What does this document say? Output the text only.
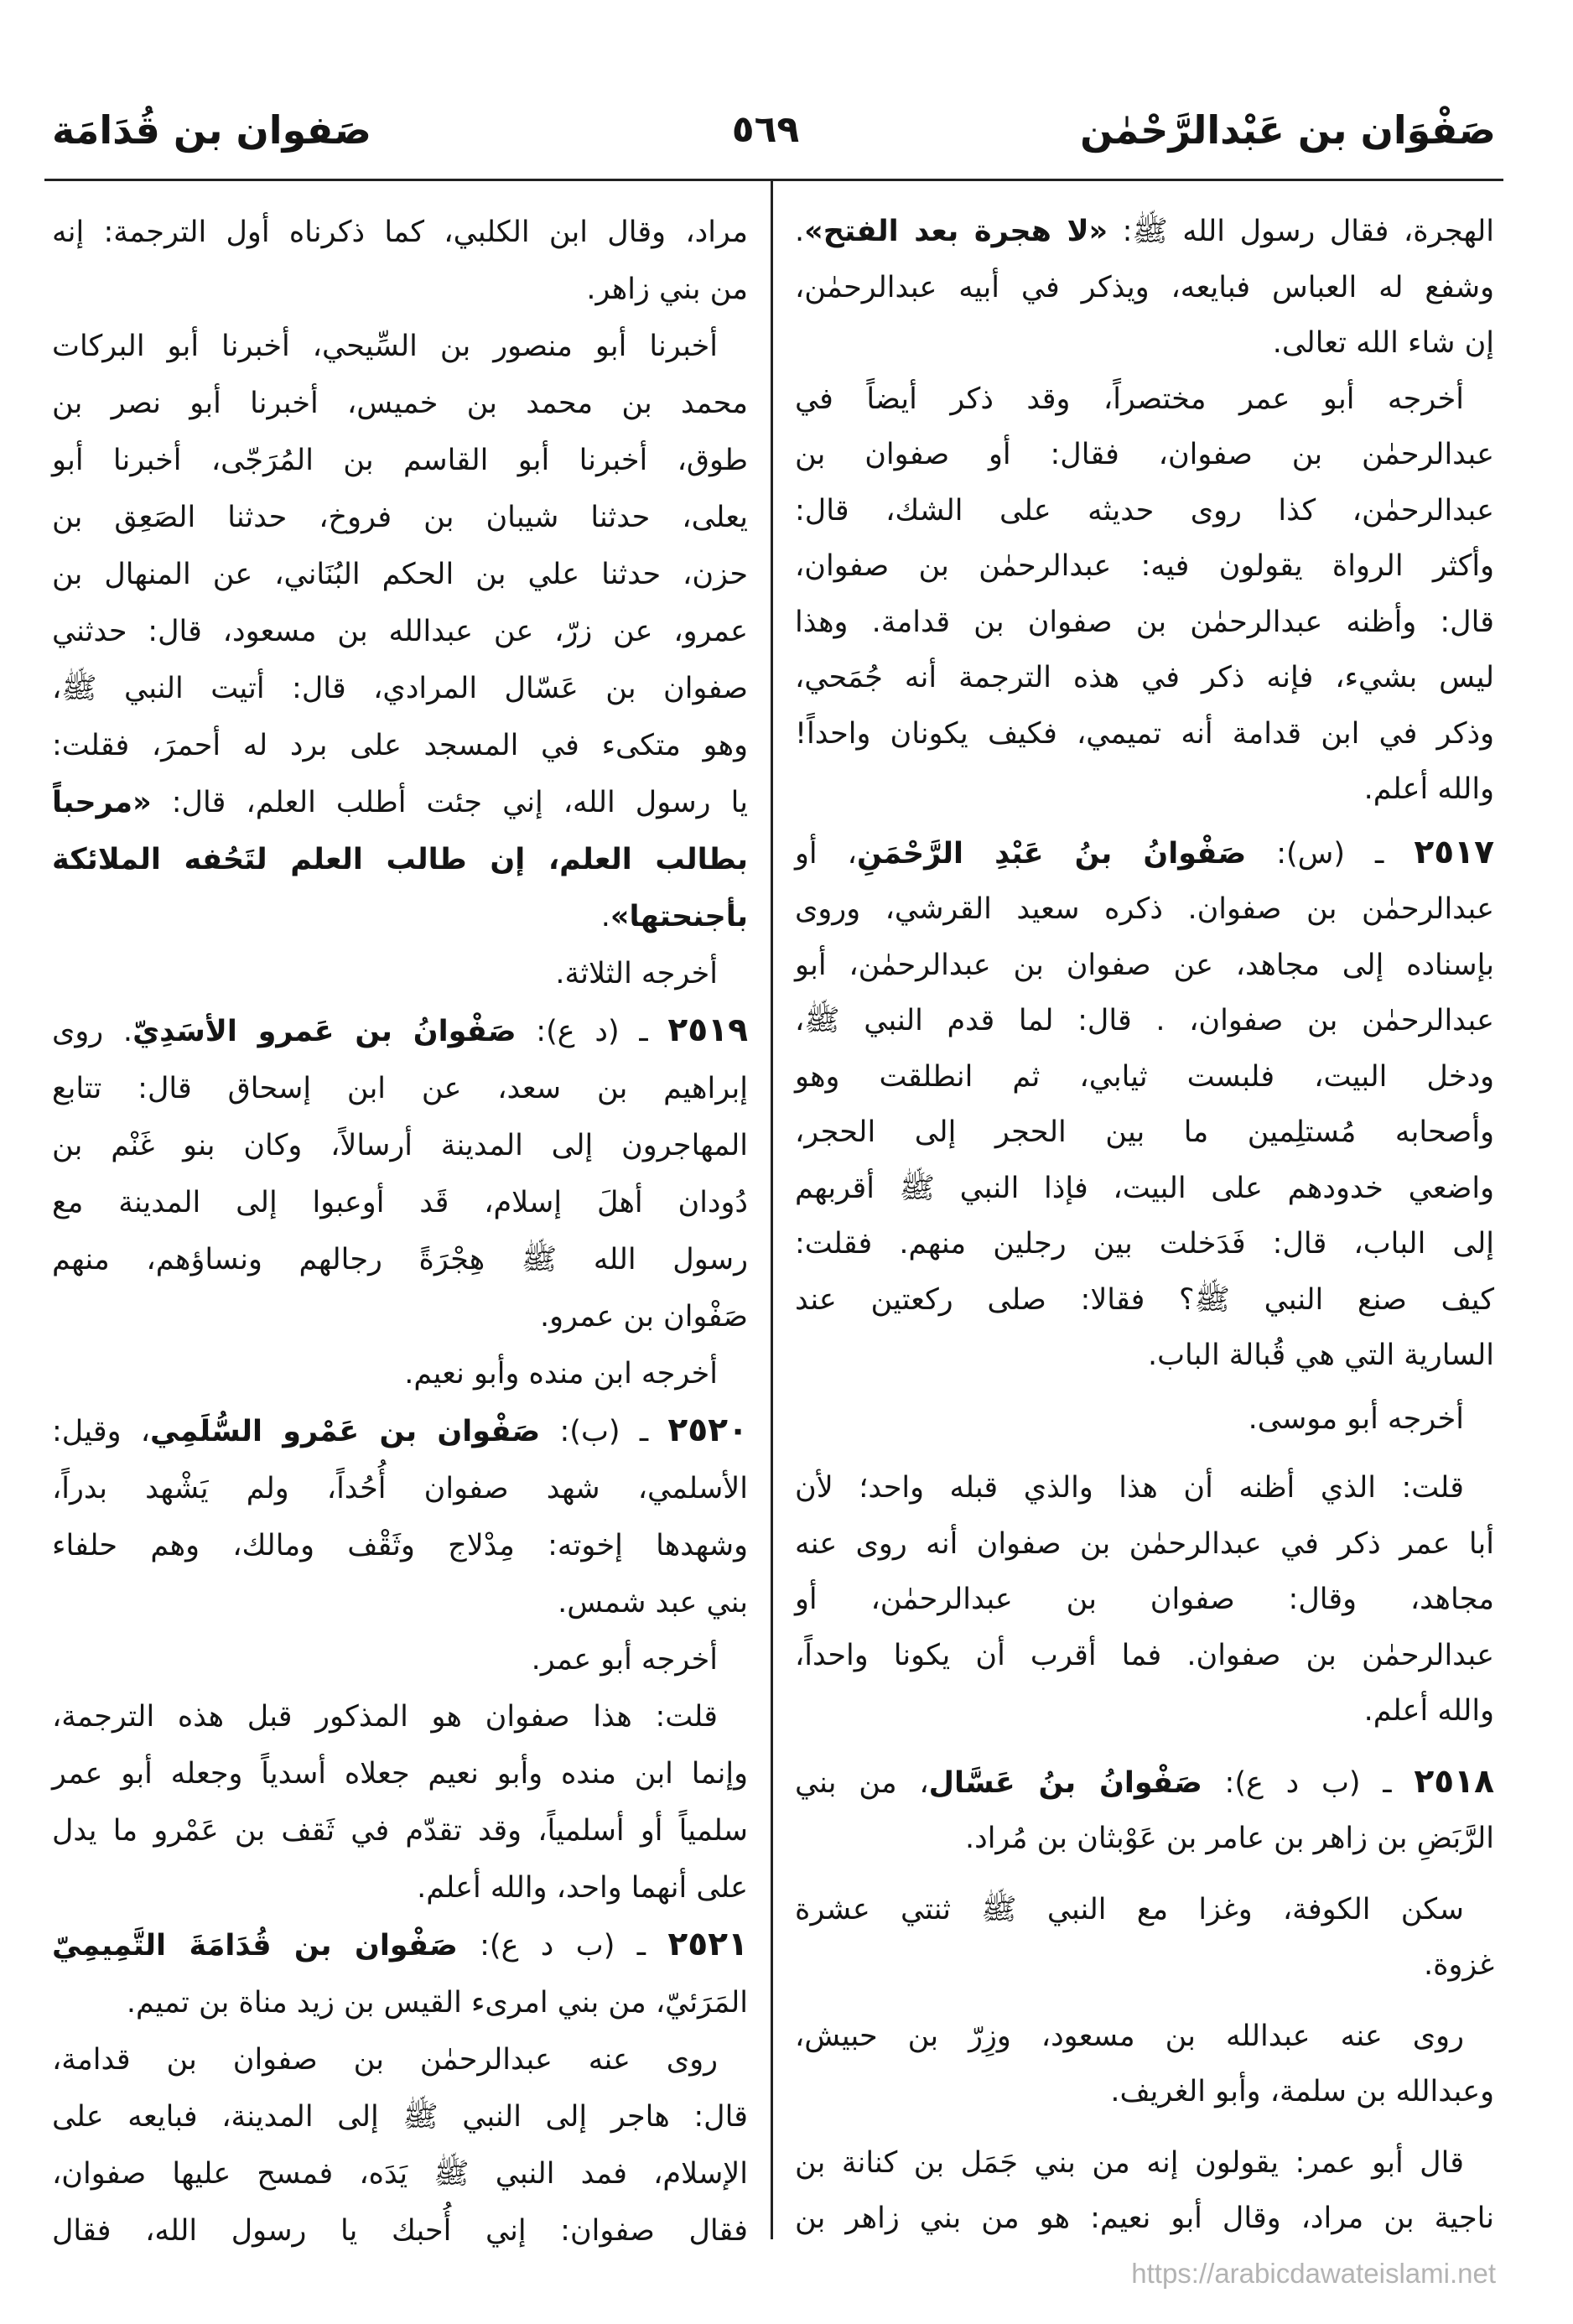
صَفْوَان بن عَبْدالرَّحْمٰن
٥٦٩
صَفوان بن قُدَامَة
الهجرة، فقال رسول الله ﷺ: «لا هجرة بعد الفتح».
وشفع له العباس فبايعه، ويذكر في أبيه عبدالرحمٰن،
إن شاء الله تعالى.
أخرجه أبو عمر مختصراً، وقد ذكر أيضاً في
عبدالرحمٰن بن صفوان، فقال: أو صفوان بن
عبدالرحمٰن، كذا روى حديثه على الشك، قال:
وأكثر الرواة يقولون فيه: عبدالرحمٰن بن صفوان،
قال: وأظنه عبدالرحمٰن بن صفوان بن قدامة. وهذا
ليس بشيء، فإنه ذكر في هذه الترجمة أنه جُمَحي،
وذكر في ابن قدامة أنه تميمي، فكيف يكونان واحداً!
والله أعلم.
٢٥١٧ ـ (س): صَفْوانُ بنُ عَبْدِ الرَّحْمَنِ، أو
عبدالرحمٰن بن صفوان. ذكره سعيد القرشي، وروى
بإسناده إلى مجاهد، عن صفوان بن عبدالرحمٰن، أبو
عبدالرحمٰن بن صفوان، . قال: لما قدم النبي ﷺ،
ودخل البيت، فلبست ثيابي، ثم انطلقت وهو
وأصحابه مُستلِمين ما بين الحجر إلى الحجر،
واضعي خدودهم على البيت، فإذا النبي ﷺ أقربهم
إلى الباب، قال: فَدَخلت بين رجلين منهم. فقلت:
كيف صنع النبي ﷺ؟ فقالا: صلى ركعتين عند
السارية التي هي قُبالة الباب.
أخرجه أبو موسى.
قلت: الذي أظنه أن هذا والذي قبله واحد؛ لأن
أبا عمر ذكر في عبدالرحمٰن بن صفوان أنه روى عنه
مجاهد، وقال: صفوان بن عبدالرحمٰن، أو
عبدالرحمٰن بن صفوان. فما أقرب أن يكونا واحداً،
والله أعلم.
٢٥١٨ ـ (ب د ع): صَفْوانُ بنُ عَسَّال، من بني
الرَّبَضِ بن زاهر بن عامر بن عَوْبثان بن مُراد.
سكن الكوفة، وغزا مع النبي ﷺ ثنتي عشرة
غزوة.
روى عنه عبدالله بن مسعود، وزِرّ بن حبيش،
وعبدالله بن سلمة، وأبو الغريف.
قال أبو عمر: يقولون إنه من بني جَمَل بن كنانة بن
ناجية بن مراد، وقال أبو نعيم: هو من بني زاهر بن
مراد، وقال ابن الكلبي، كما ذكرناه أول الترجمة: إنه
من بني زاهر.
أخبرنا أبو منصور بن السِّيحي، أخبرنا أبو البركات
محمد بن محمد بن خميس، أخبرنا أبو نصر بن
طوق، أخبرنا أبو القاسم بن المُرَجّى، أخبرنا أبو
يعلى، حدثنا شيبان بن فروخ، حدثنا الصَعِق بن
حزن، حدثنا علي بن الحكم البُنَاني، عن المنهال بن
عمرو، عن زرّ، عن عبدالله بن مسعود، قال: حدثني
صفوان بن عَسّال المرادي، قال: أتيت النبي ﷺ،
وهو متكىء في المسجد على برد له أحمرَ، فقلت:
يا رسول الله، إني جئت أطلب العلم، قال: «مرحباً
بطالب العلم، إن طالب العلم لتَحُفه الملائكة
بأجنحتها».
أخرجه الثلاثة.
٢٥١٩ ـ (د ع): صَفْوانُ بن عَمرو الأسَدِيّ. روى
إبراهيم بن سعد، عن ابن إسحاق قال: تتابع
المهاجرون إلى المدينة أرسالاً، وكان بنو غَنْم بن
دُودان أهلَ إسلام، قَد أوعبوا إلى المدينة مع
رسول الله ﷺ هِجْرَةً رجالهم ونساؤهم، منهم
صَفْوان بن عمرو.
أخرجه ابن منده وأبو نعيم.
٢٥٢٠ ـ (ب): صَفْوان بن عَمْرو السُّلَمِي، وقيل:
الأسلمي، شهد صفوان أُحُداً، ولم يَشْهد بدراً،
وشهدها إخوته: مِدْلاج وثَقْف ومالك، وهم حلفاء
بني عبد شمس.
أخرجه أبو عمر.
قلت: هذا صفوان هو المذكور قبل هذه الترجمة،
وإنما ابن منده وأبو نعيم جعلاه أسدياً وجعله أبو عمر
سلمياً أو أسلمياً، وقد تقدّم في ثَقف بن عَمْرو ما يدل
على أنهما واحد، والله أعلم.
٢٥٢١ ـ (ب د ع): صَفْوان بن قُدَامَةَ التَّمِيمِيّ
المَرَئيّ، من بني امرىء القيس بن زيد مناة بن تميم.
روى عنه عبدالرحمٰن بن صفوان بن قدامة،
قال: هاجر إلى النبي ﷺ إلى المدينة، فبايعه على
الإسلام، فمد النبي ﷺ يَدَه، فمسح عليها صفوان،
فقال صفوان: إني أُحبك يا رسول الله، فقال
https://arabicdawateislami.net
